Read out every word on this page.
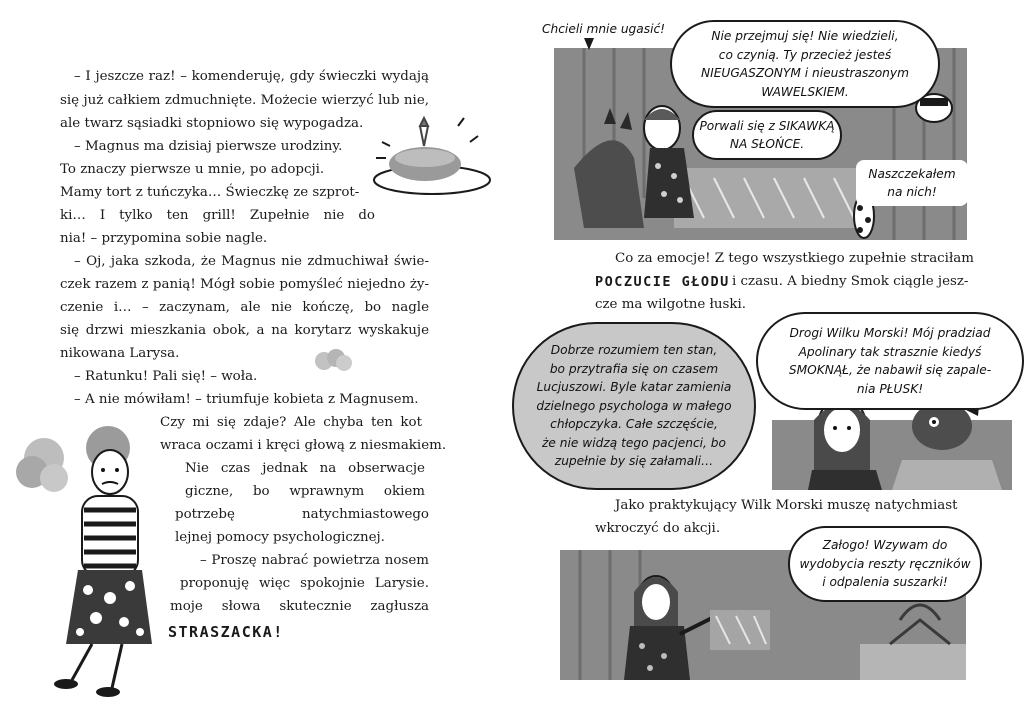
– I jeszcze raz! – komenderuję, gdy świeczki wydają
się już całkiem zdmuchnięte. Możecie wierzyć lub nie,
ale twarz sąsiadki stopniowo się wypogadza.
– Magnus ma dzisiaj pierwsze urodziny.
To znaczy pierwsze u mnie, po adopcji.
Mamy tort z tuńczyka… Świeczkę ze szprot-
ki… I tylko ten grill! Zupełnie nie do
nia! – przypomina sobie nagle.
– Oj, jaka szkoda, że Magnus nie zdmuchiwał świe-
czek razem z panią! Mógł sobie pomyśleć niejedno ży-
czenie i… – zaczynam, ale nie kończę, bo nagle
się drzwi mieszkania obok, a na korytarz wyskakuje
nikowana Larysa.
– Ratunku! Pali się! – woła.
– A nie mówiłam! – triumfuje kobieta z Magnusem.
Czy mi się zdaje? Ale chyba ten kot
wraca oczami i kręci głową z niesmakiem.
Nie czas jednak na obserwacje
giczne, bo wprawnym okiem
potrzebę natychmiastowego
lejnej pomocy psychologicznej.
– Proszę nabrać powietrza nosem
proponuję więc spokojnie Larysie.
moje słowa skutecznie zagłusza
STRASZACKA!
Chcieli mnie ugasić!	Nie przejmuj się! Nie wiedzieli,
co czynią. Ty przecież jesteś
NIEUGASZONYM i nieustraszonym
WAWELSKIEM.
Porwali się z SIKAWKĄ
NA SŁOŃCE.
Naszczekałem
na nich!
Co za emocje! Z tego wszystkiego zupełnie straciłam
POCZUCIE GŁODU i czasu. A biedny Smok ciągle jesz-
cze ma wilgotne łuski.
Dobrze rozumiem ten stan,
bo przytrafia się on czasem
Lucjuszowi. Byle katar zamienia
dzielnego psychologa w małego
chłopczyka. Całe szczęście,
że nie widzą tego pacjenci, bo
zupełnie by się załamali…
Drogi Wilku Morski! Mój pradziad
Apolinary tak strasznie kiedyś
SMOKNĄŁ, że nabawił się zapale-
nia PŁUSK!
Jako praktykujący Wilk Morski muszę natychmiast
wkroczyć do akcji.
Załogo! Wzywam do
wydobycia reszty ręczników
i odpalenia suszarki!
